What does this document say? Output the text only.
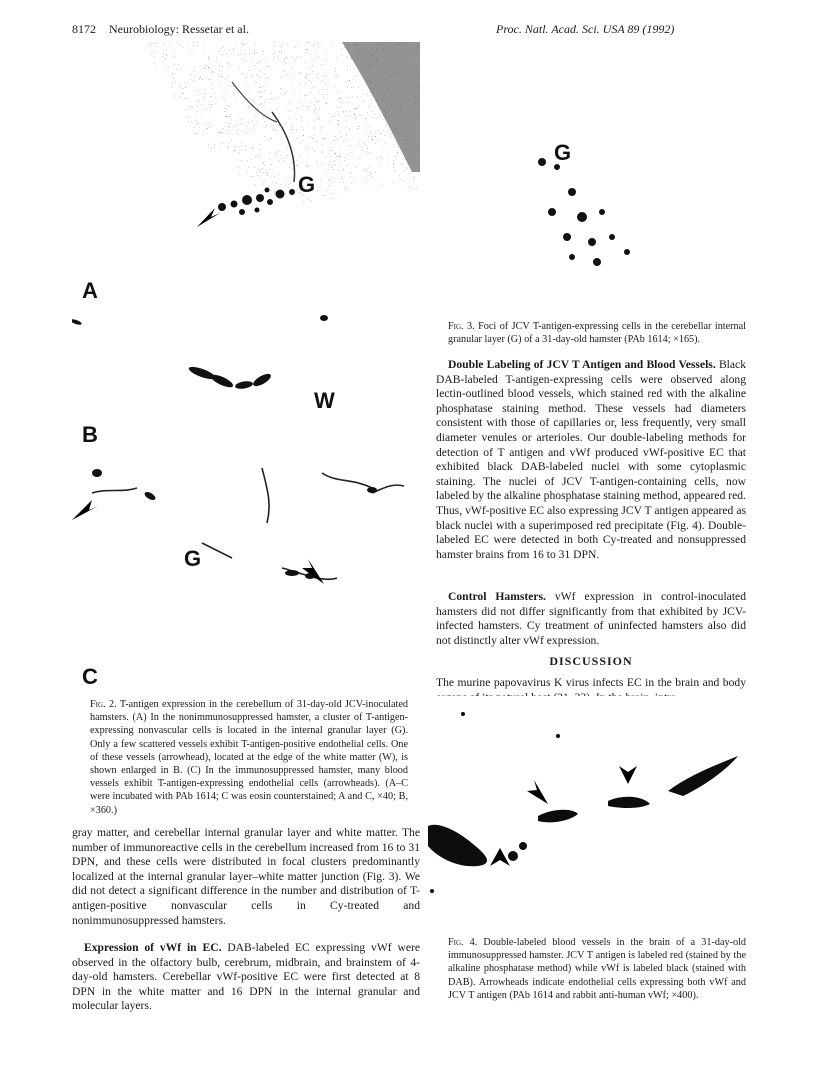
8172 Neurobiology: Ressetar et al.	Proc. Natl. Acad. Sci. USA 89 (1992)
G
A
W
B
G
C

Fig. 2. T-antigen expression in the cerebellum of 31-day-old JCV-inoculated hamsters. (A) In the nonimmunosuppressed hamster, a cluster of T-antigen-expressing nonvascular cells is located in the internal granular layer (G). Only a few scattered vessels exhibit T-antigen-positive endothelial cells. One of these vessels (arrowhead), located at the edge of the white matter (W), is shown enlarged in B. (C) In the immunosuppressed hamster, many blood vessels exhibit T-antigen-expressing endothelial cells (arrowheads). (A–C were incubated with PAb 1614; C was eosin counterstained; A and C, ×40; B, ×360.)

G

Fig. 3. Foci of JCV T-antigen-expressing cells in the cerebellar internal granular layer (G) of a 31-day-old hamster (PAb 1614; ×165).

Double Labeling of JCV T Antigen and Blood Vessels. Black DAB-labeled T-antigen-expressing cells were observed along lectin-outlined blood vessels, which stained red with the alkaline phosphatase staining method. These vessels had diameters consistent with those of capillaries or, less frequently, very small diameter venules or arterioles. Our double-labeling methods for detection of T antigen and vWf produced vWf-positive EC that exhibited black DAB-labeled nuclei with some cytoplasmic staining. The nuclei of JCV T-antigen-containing cells, now labeled by the alkaline phosphatase staining method, appeared red. Thus, vWf-positive EC also expressing JCV T antigen appeared as black nuclei with a superimposed red precipitate (Fig. 4). Double-labeled EC were detected in both Cy-treated and nonsuppressed hamster brains from 16 to 31 DPN.

Control Hamsters. vWf expression in control-inoculated hamsters did not differ significantly from that exhibited by JCV-infected hamsters. Cy treatment of uninfected hamsters also did not distinctly alter vWf expression.

DISCUSSION

The murine papovavirus K virus infects EC in the brain and body

Fig. 4. Double-labeled blood vessels in the brain of a 31-day-old immunosuppressed hamster. JCV T antigen is labeled red (stained by the alkaline phosphatase method) while vWf is labeled black (stained with DAB). Arrowheads indicate endothelial cells expressing both vWf and JCV T antigen (PAb 1614 and rabbit anti-human vWf; ×400).

gray matter, and cerebellar internal granular layer and white matter. The number of immunoreactive cells in the cerebellum increased from 16 to 31 DPN, and these cells were distributed in focal clusters predominantly localized at the internal granular layer–white matter junction (Fig. 3). We did not detect a significant difference in the number and distribution of T-antigen-positive nonvascular cells in Cy-treated and nonimmunosuppressed hamsters.

Expression of vWf in EC. DAB-labeled EC expressing vWf were observed in the olfactory bulb, cerebrum, midbrain, and brainstem of 4-day-old hamsters. Cerebellar vWf-positive EC were first detected at 8 DPN in the white matter and 16 DPN in the internal granular and molecular layers.
